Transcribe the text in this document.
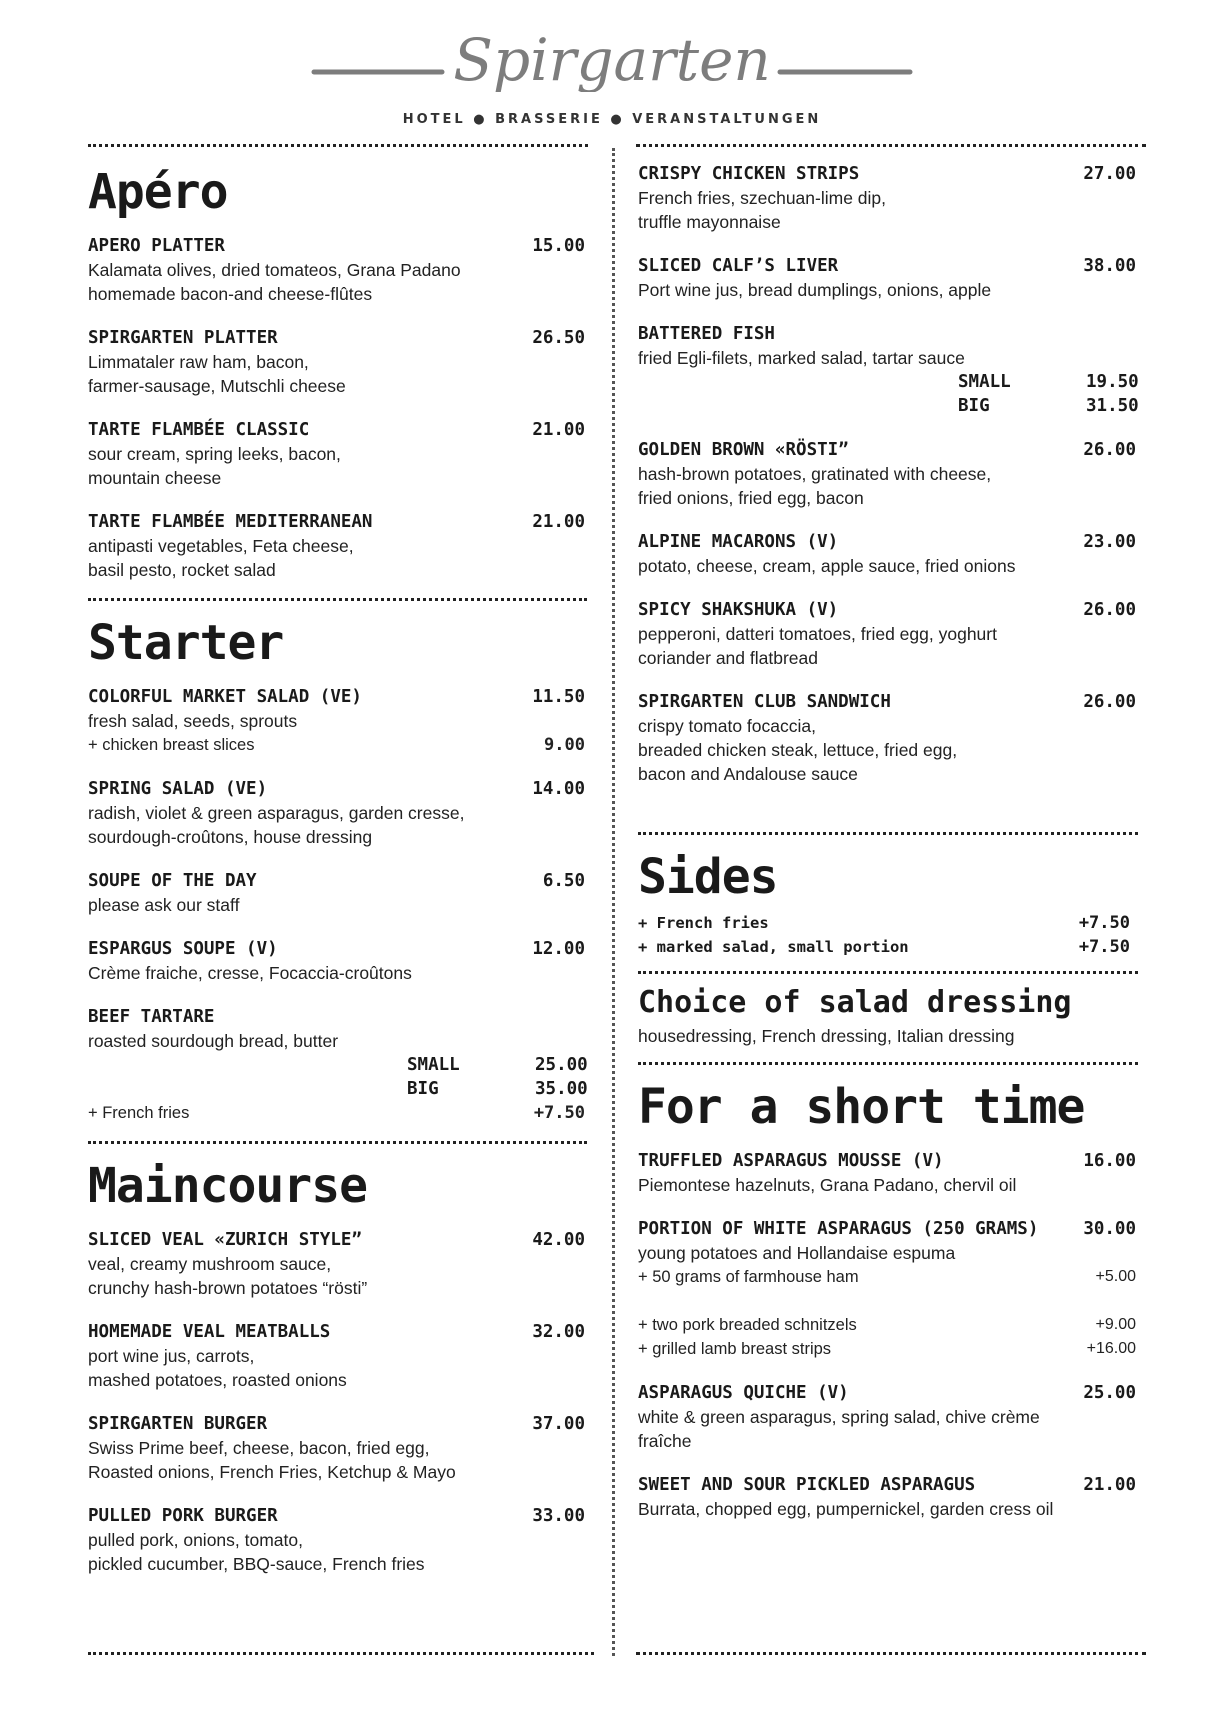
Spirgarten
HOTEL ● BRASSERIE ● VERANSTALTUNGEN
Apéro
APERO PLATTER	15.00
Kalamata olives, dried tomateos, Grana Padano
homemade bacon-and cheese-flûtes
SPIRGARTEN PLATTER	26.50
Limmataler raw ham, bacon,
farmer-sausage, Mutschli cheese
TARTE FLAMBÉE CLASSIC	21.00
sour cream, spring leeks, bacon,
mountain cheese
TARTE FLAMBÉE MEDITERRANEAN	21.00
antipasti vegetables, Feta cheese,
basil pesto, rocket salad
Starter
COLORFUL MARKET SALAD (VE)	11.50
fresh salad, seeds, sprouts
+ chicken breast slices	9.00
SPRING SALAD (VE)	14.00
radish, violet & green asparagus, garden cresse,
sourdough-croûtons, house dressing
SOUPE OF THE DAY	6.50
please ask our staff
ESPARGUS SOUPE (V)	12.00
Crème fraiche, cresse, Focaccia-croûtons
BEEF TARTARE
roasted sourdough bread, butter
SMALL	25.00
BIG	35.00
+ French fries	+7.50
Maincourse
SLICED VEAL «ZURICH STYLE”	42.00
veal, creamy mushroom sauce,
crunchy hash-brown potatoes “rösti”
HOMEMADE VEAL MEATBALLS	32.00
port wine jus, carrots,
mashed potatoes, roasted onions
SPIRGARTEN BURGER	37.00
Swiss Prime beef, cheese, bacon, fried egg,
Roasted onions, French Fries, Ketchup & Mayo
PULLED PORK BURGER	33.00
pulled pork, onions, tomato,
pickled cucumber, BBQ-sauce, French fries
CRISPY CHICKEN STRIPS	27.00
French fries, szechuan-lime dip,
truffle mayonnaise
SLICED CALF’S LIVER	38.00
Port wine jus, bread dumplings, onions, apple
BATTERED FISH
fried Egli-filets, marked salad, tartar sauce
SMALL	19.50
BIG	31.50
GOLDEN BROWN «RÖSTI”	26.00
hash-brown potatoes, gratinated with cheese,
fried onions, fried egg, bacon
ALPINE MACARONS (V)	23.00
potato, cheese, cream, apple sauce, fried onions
SPICY SHAKSHUKA (V)	26.00
pepperoni, datteri tomatoes, fried egg, yoghurt
coriander and flatbread
SPIRGARTEN CLUB SANDWICH	26.00
crispy tomato focaccia,
breaded chicken steak, lettuce, fried egg,
bacon and Andalouse sauce
Sides
+ French fries	+7.50
+ marked salad, small portion	+7.50
Choice of salad dressing
housedressing, French dressing, Italian dressing
For a short time
TRUFFLED ASPARAGUS MOUSSE (V)	16.00
Piemontese hazelnuts, Grana Padano, chervil oil
PORTION OF WHITE ASPARAGUS (250 GRAMS)	30.00
young potatoes and Hollandaise espuma
+ 50 grams of farmhouse ham	+5.00
+ two pork breaded schnitzels	+9.00
+ grilled lamb breast strips	+16.00
ASPARAGUS QUICHE (V)	25.00
white & green asparagus, spring salad, chive crème
fraîche
SWEET AND SOUR PICKLED ASPARAGUS	21.00
Burrata, chopped egg, pumpernickel, garden cress oil
